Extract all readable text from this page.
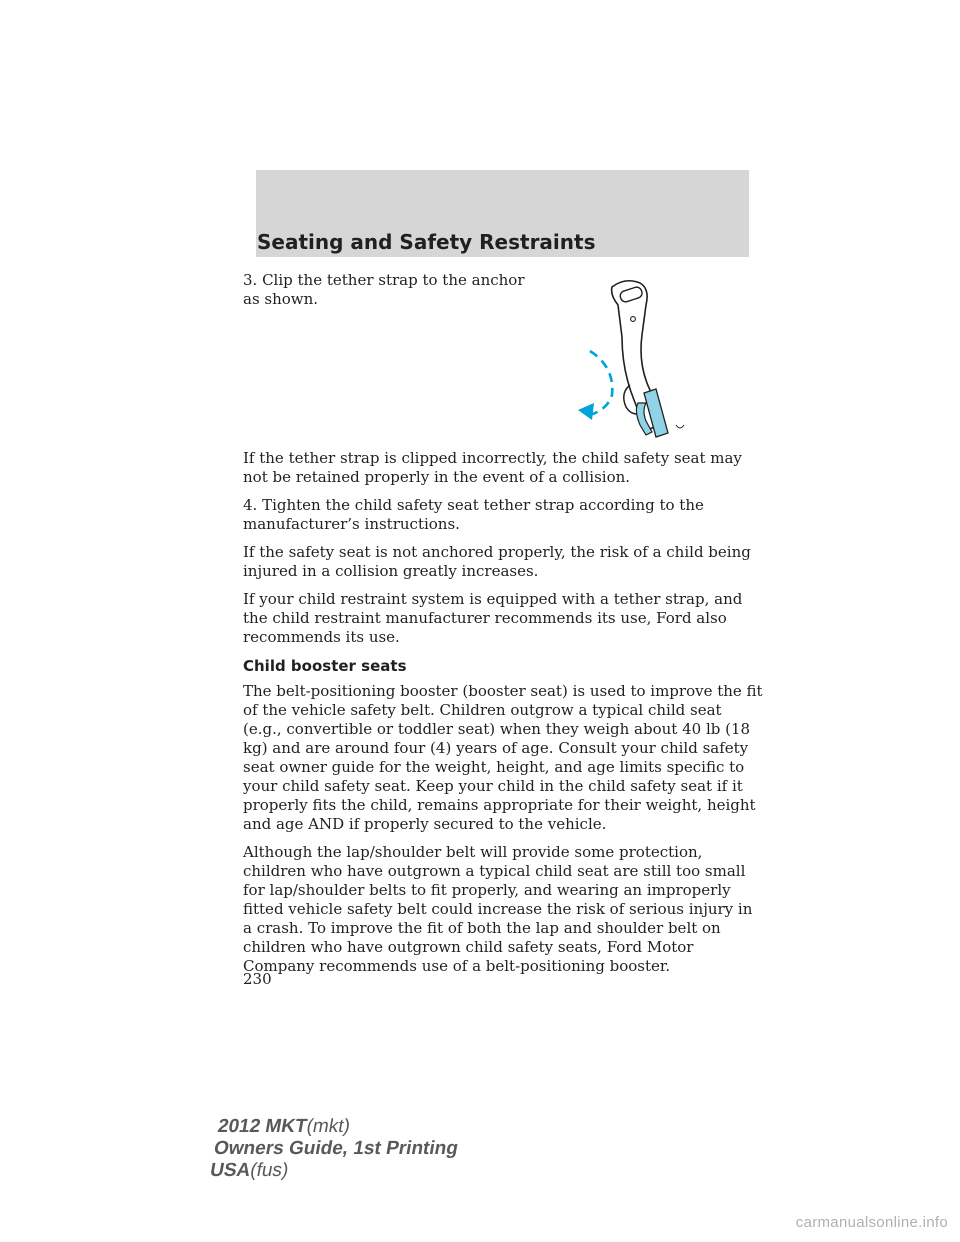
Seating and Safety Restraints

3. Clip the tether strap to the anchor as shown.

If the tether strap is clipped incorrectly, the child safety seat may not be retained properly in the event of a collision.

4. Tighten the child safety seat tether strap according to the manufacturer’s instructions.

If the safety seat is not anchored properly, the risk of a child being injured in a collision greatly increases.

If your child restraint system is equipped with a tether strap, and the child restraint manufacturer recommends its use, Ford also recommends its use.

Child booster seats

The belt-positioning booster (booster seat) is used to improve the fit of the vehicle safety belt. Children outgrow a typical child seat (e.g., convertible or toddler seat) when they weigh about 40 lb (18 kg) and are around four (4) years of age. Consult your child safety seat owner guide for the weight, height, and age limits specific to your child safety seat. Keep your child in the child safety seat if it properly fits the child, remains appropriate for their weight, height and age AND if properly secured to the vehicle.

Although the lap/shoulder belt will provide some protection, children who have outgrown a typical child seat are still too small for lap/shoulder belts to fit properly, and wearing an improperly fitted vehicle safety belt could increase the risk of serious injury in a crash. To improve the fit of both the lap and shoulder belt on children who have outgrown child safety seats, Ford Motor Company recommends use of a belt-positioning booster.

230
2012 MKT(mkt)
Owners Guide, 1st Printing
USA(fus)
carmanualsonline.info
